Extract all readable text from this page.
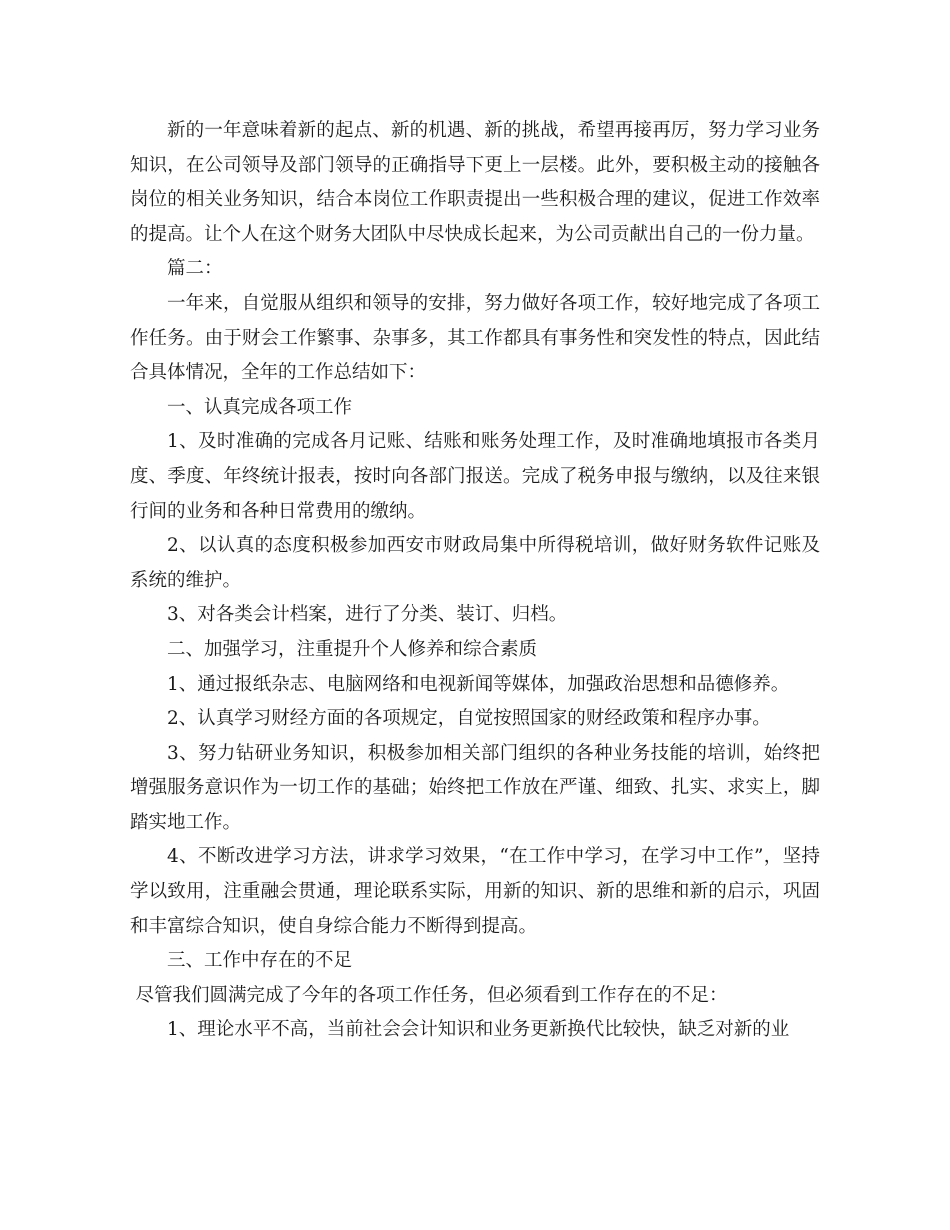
新的一年意味着新的起点、新的机遇、新的挑战，希望再接再厉，努力学习业务知识，在公司领导及部门领导的正确指导下更上一层楼。此外，要积极主动的接触各岗位的相关业务知识，结合本岗位工作职责提出一些积极合理的建议，促进工作效率的提高。让个人在这个财务大团队中尽快成长起来，为公司贡献出自己的一份力量。

篇二：

一年来，自觉服从组织和领导的安排，努力做好各项工作，较好地完成了各项工作任务。由于财会工作繁事、杂事多，其工作都具有事务性和突发性的特点，因此结合具体情况，全年的工作总结如下：

一、认真完成各项工作

1、及时准确的完成各月记账、结账和账务处理工作，及时准确地填报市各类月度、季度、年终统计报表，按时向各部门报送。完成了税务申报与缴纳，以及往来银行间的业务和各种日常费用的缴纳。

2、以认真的态度积极参加西安市财政局集中所得税培训，做好财务软件记账及系统的维护。

3、对各类会计档案，进行了分类、装订、归档。

二、加强学习，注重提升个人修养和综合素质

1、通过报纸杂志、电脑网络和电视新闻等媒体，加强政治思想和品德修养。

2、认真学习财经方面的各项规定，自觉按照国家的财经政策和程序办事。

3、努力钻研业务知识，积极参加相关部门组织的各种业务技能的培训，始终把增强服务意识作为一切工作的基础；始终把工作放在严谨、细致、扎实、求实上，脚踏实地工作。

4、不断改进学习方法，讲求学习效果，“在工作中学习，在学习中工作”，坚持学以致用，注重融会贯通，理论联系实际，用新的知识、新的思维和新的启示，巩固和丰富综合知识，使自身综合能力不断得到提高。

三、工作中存在的不足

尽管我们圆满完成了今年的各项工作任务，但必须看到工作存在的不足：

1、理论水平不高，当前社会会计知识和业务更新换代比较快，缺乏对新的业
